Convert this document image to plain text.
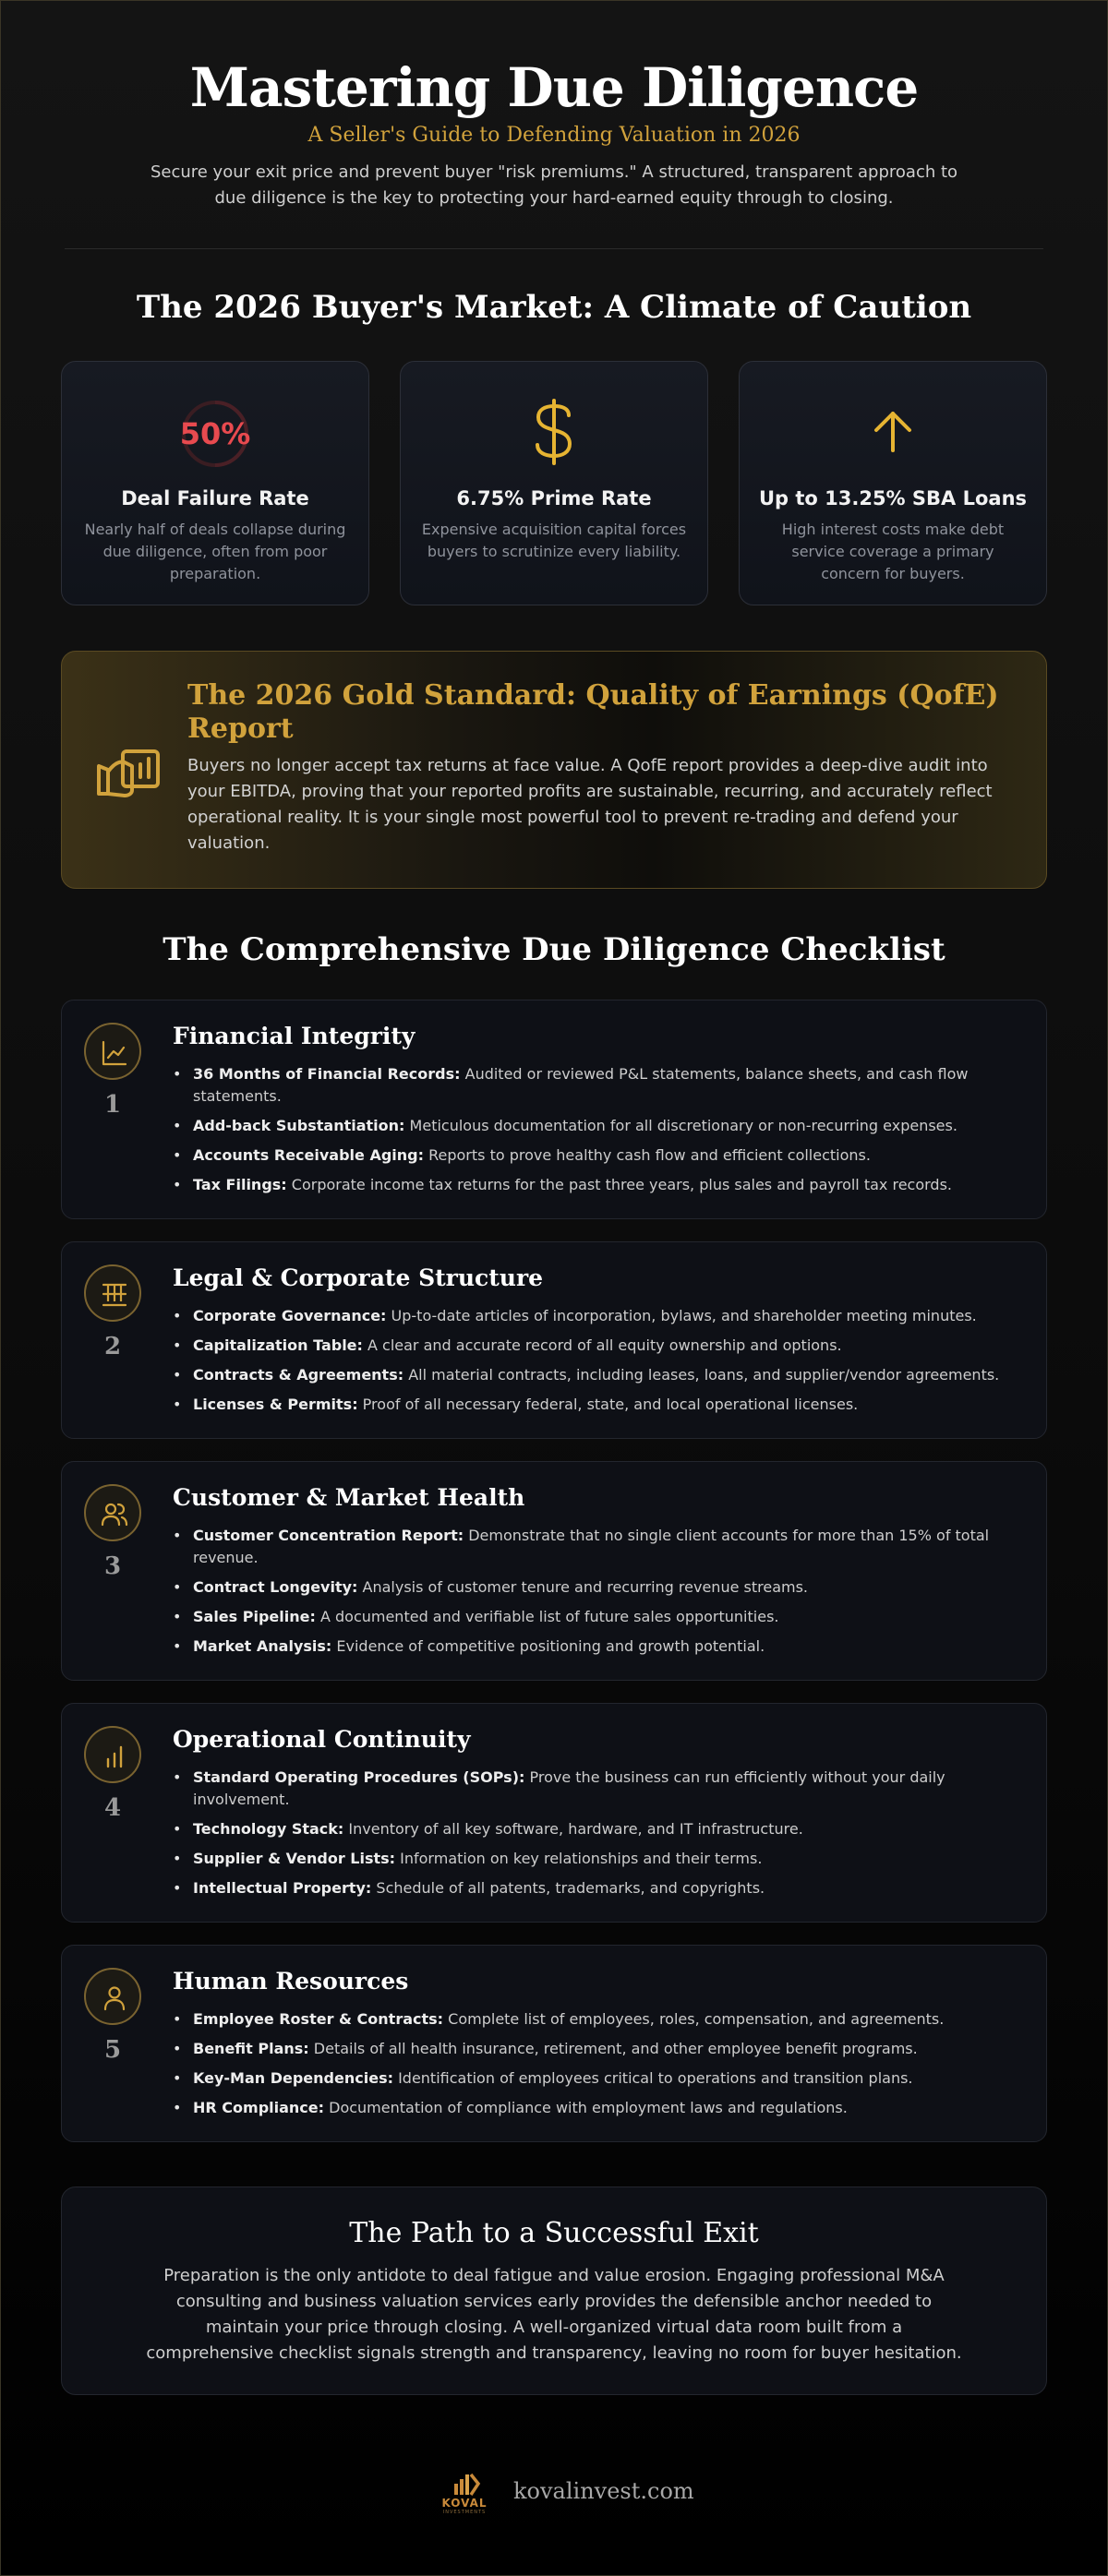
Mastering Due Diligence
A Seller's Guide to Defending Valuation in 2026

Secure your exit price and prevent buyer "risk premiums." A structured, transparent approach to due diligence is the key to protecting your hard-earned equity through to closing.

The 2026 Buyer's Market: A Climate of Caution
50%
Deal Failure Rate
Nearly half of deals collapse during due diligence, often from poor preparation.
6.75% Prime Rate
Expensive acquisition capital forces buyers to scrutinize every liability.
Up to 13.25% SBA Loans
High interest costs make debt service coverage a primary concern for buyers.
The 2026 Gold Standard: Quality of Earnings (QofE) Report

Buyers no longer accept tax returns at face value. A QofE report provides a deep-dive audit into your EBITDA, proving that your reported profits are sustainable, recurring, and accurately reflect operational reality. It is your single most powerful tool to prevent re-trading and defend your valuation.

The Comprehensive Due Diligence Checklist
1
Financial Integrity
• 36 Months of Financial Records: Audited or reviewed P&L statements, balance sheets, and cash flow statements.
• Add-back Substantiation: Meticulous documentation for all discretionary or non-recurring expenses.
• Accounts Receivable Aging: Reports to prove healthy cash flow and efficient collections.
• Tax Filings: Corporate income tax returns for the past three years, plus sales and payroll tax records.
2
Legal & Corporate Structure
• Corporate Governance: Up-to-date articles of incorporation, bylaws, and shareholder meeting minutes.
• Capitalization Table: A clear and accurate record of all equity ownership and options.
• Contracts & Agreements: All material contracts, including leases, loans, and supplier/vendor agreements.
• Licenses & Permits: Proof of all necessary federal, state, and local operational licenses.
3
Customer & Market Health
• Customer Concentration Report: Demonstrate that no single client accounts for more than 15% of total revenue.
• Contract Longevity: Analysis of customer tenure and recurring revenue streams.
• Sales Pipeline: A documented and verifiable list of future sales opportunities.
• Market Analysis: Evidence of competitive positioning and growth potential.
4
Operational Continuity
• Standard Operating Procedures (SOPs): Prove the business can run efficiently without your daily involvement.
• Technology Stack: Inventory of all key software, hardware, and IT infrastructure.
• Supplier & Vendor Lists: Information on key relationships and their terms.
• Intellectual Property: Schedule of all patents, trademarks, and copyrights.
5
Human Resources
• Employee Roster & Contracts: Complete list of employees, roles, compensation, and agreements.
• Benefit Plans: Details of all health insurance, retirement, and other employee benefit programs.
• Key-Man Dependencies: Identification of employees critical to operations and transition plans.
• HR Compliance: Documentation of compliance with employment laws and regulations.
The Path to a Successful Exit

Preparation is the only antidote to deal fatigue and value erosion. Engaging professional M&A consulting and business valuation services early provides the defensible anchor needed to maintain your price through closing. A well-organized virtual data room built from a comprehensive checklist signals strength and transparency, leaving no room for buyer hesitation.

KOVAL
INVESTMENTS
kovalinvest.com
